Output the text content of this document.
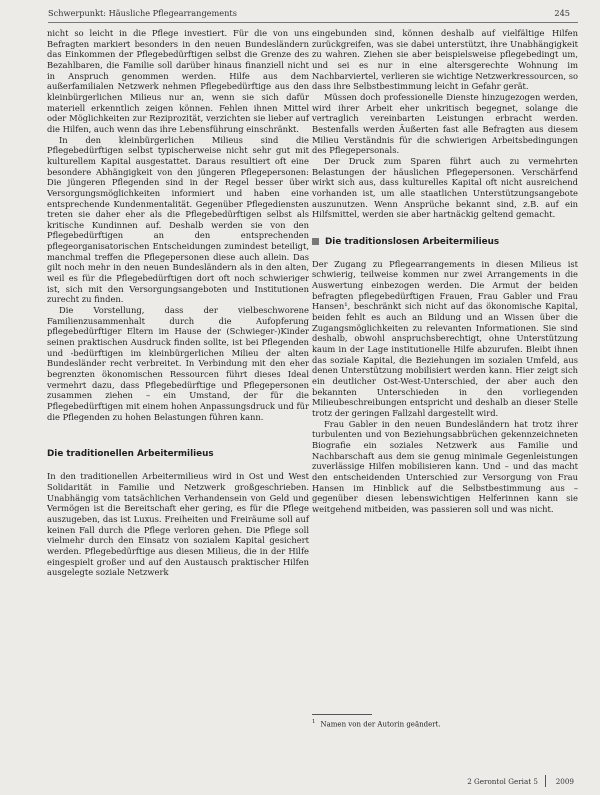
Schwerpunkt: Häusliche Pflegearrangements	245

nicht so leicht in die Pflege investiert. Für die von uns Befragten markiert besonders in den neuen Bundesländern das Einkommen der Pflegebedürftigen selbst die Grenze des Bezahlbaren, die Familie soll darüber hinaus finanziell nicht in Anspruch genommen werden. Hilfe aus dem außerfamilialen Netzwerk nehmen Pflegebedürftige aus den kleinbürgerlichen Milieus nur an, wenn sie sich dafür materiell erkenntlich zeigen können. Fehlen ihnen Mittel oder Möglichkeiten zur Reziprozität, verzichten sie lieber auf die Hilfen, auch wenn das ihre Lebensführung einschränkt.

In den kleinbürgerlichen Milieus sind die Pflegebedürftigen selbst typischerweise nicht sehr gut mit kulturellem Kapital ausgestattet. Daraus resultiert oft eine besondere Abhängigkeit von den jüngeren Pflegepersonen: Die jüngeren Pflegenden sind in der Regel besser über Versorgungsmöglichkeiten informiert und haben eine entsprechende Kundenmentalität. Gegenüber Pflegediensten treten sie daher eher als die Pflegebedürftigen selbst als kritische Kundinnen auf. Deshalb werden sie von den Pflegebedürftigen an den entsprechenden pflegeorganisatorischen Entscheidungen zumindest beteiligt, manchmal treffen die Pflegepersonen diese auch allein. Das gilt noch mehr in den neuen Bundesländern als in den alten, weil es für die Pflegebedürftigen dort oft noch schwieriger ist, sich mit den Versorgungsangeboten und Institutionen zurecht zu finden.

Die Vorstellung, dass der vielbeschworene Familienzusammenhalt durch die Aufopferung pflegebedürftiger Eltern im Hause der (Schwieger-)Kinder seinen praktischen Ausdruck finden sollte, ist bei Pflegenden und -bedürftigen im kleinbürgerlichen Milieu der alten Bundesländer recht verbreitet. In Verbindung mit den eher begrenzten ökonomischen Ressourcen führt dieses Ideal vermehrt dazu, dass Pflegebedürftige und Pflegepersonen zusammen ziehen – ein Umstand, der für die Pflegebedürftigen mit einem hohen Anpassungsdruck und für die Pflegenden zu hohen Belastungen führen kann.

Die traditionellen Arbeitermilieus

In den traditionellen Arbeitermilieus wird in Ost und West Solidarität in Familie und Netzwerk großgeschrieben. Unabhängig vom tatsächlichen Verhandensein von Geld und Vermögen ist die Bereitschaft eher gering, es für die Pflege auszugeben, das ist Luxus. Freiheiten und Freiräume soll auf keinen Fall durch die Pflege verloren gehen. Die Pflege soll vielmehr durch den Einsatz von sozialem Kapital gesichert werden. Pflegebedürftige aus diesen Milieus, die in der Hilfe eingespielt großer und auf den Austausch praktischer Hilfen ausgelegte soziale Netzwerk

eingebunden sind, können deshalb auf vielfältige Hilfen zurückgreifen, was sie dabei unterstützt, ihre Unabhängigkeit zu wahren. Ziehen sie aber beispielsweise pflegebedingt um, und sei es nur in eine altersgerechte Wohnung im Nachbarviertel, verlieren sie wichtige Netzwerkressourcen, so dass ihre Selbstbestimmung leicht in Gefahr gerät.

Müssen doch professionelle Dienste hinzugezogen werden, wird ihrer Arbeit eher unkritisch begegnet, solange die vertraglich vereinbarten Leistungen erbracht werden. Bestenfalls werden Äußerten fast alle Befragten aus diesem Milieu Verständnis für die schwierigen Arbeitsbedingungen des Pflegepersonals.

Der Druck zum Sparen führt auch zu vermehrten Belastungen der häuslichen Pflegepersonen. Verschärfend wirkt sich aus, dass kulturelles Kapital oft nicht ausreichend vorhanden ist, um alle staatlichen Unterstützungsangebote auszunutzen. Wenn Ansprüche bekannt sind, z.B. auf ein Hilfsmittel, werden sie aber hartnäckig geltend gemacht.

Die traditionslosen Arbeitermilieus

Der Zugang zu Pflegearrangements in diesen Milieus ist schwierig, teilweise kommen nur zwei Arrangements in die Auswertung einbezogen werden. Die Armut der beiden befragten pflegebedürftigen Frauen, Frau Gabler und Frau Hansen¹, beschränkt sich nicht auf das ökonomische Kapital, beiden fehlt es auch an Bildung und an Wissen über die Zugangsmöglichkeiten zu relevanten Informationen. Sie sind deshalb, obwohl anspruchsberechtigt, ohne Unterstützung kaum in der Lage institutionelle Hilfe abzurufen. Bleibt ihnen das soziale Kapital, die Beziehungen im sozialen Umfeld, aus denen Unterstützung mobilisiert werden kann. Hier zeigt sich ein deutlicher Ost-West-Unterschied, der aber auch den bekannten Unterschieden in den vorliegenden Milieubeschreibungen entspricht und deshalb an dieser Stelle trotz der geringen Fallzahl dargestellt wird.

Frau Gabler in den neuen Bundesländern hat trotz ihrer turbulenten und von Beziehungsabbrüchen gekennzeichneten Biografie ein soziales Netzwerk aus Familie und Nachbarschaft aus dem sie genug minimale Gegenleistungen zuverlässige Hilfen mobilisieren kann. Und – und das macht den entscheidenden Unterschied zur Versorgung von Frau Hansen im Hinblick auf die Selbstbestimmung aus – gegenüber diesen lebenswichtigen Helferinnen kann sie weitgehend mitbeiden, was passieren soll und was nicht.

$^1$ Namen von der Autorin geändert.
2 Gerontol Geriat 5 2009
